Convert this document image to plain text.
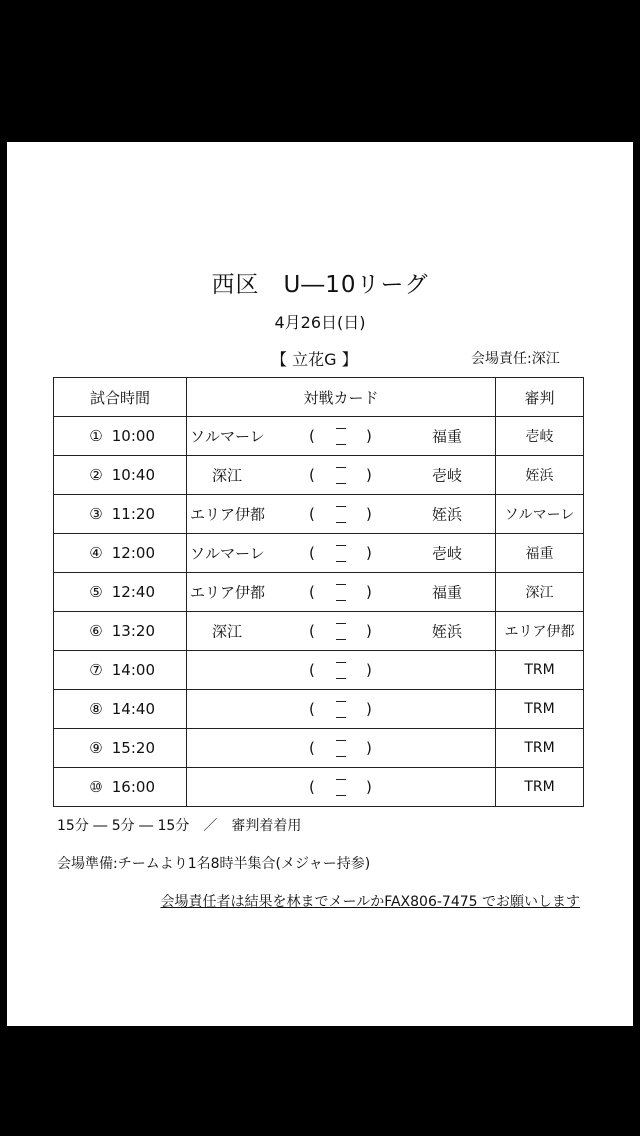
西区　U―10リーグ
4月26日(日)
【 立花G 】	会場責任:深江
試合時間	対戦カード	審判
① 10:00	ソルマーレ ( ) 福重	壱岐
② 10:40	深江 ( ) 壱岐	姪浜
③ 11:20	エリア伊都 ( ) 姪浜	ソルマーレ
④ 12:00	ソルマーレ ( ) 壱岐	福重
⑤ 12:40	エリア伊都 ( ) 福重	深江
⑥ 13:20	深江 ( ) 姪浜	エリア伊都
⑦ 14:00	( )	TRM
⑧ 14:40	( )	TRM
⑨ 15:20	( )	TRM
⑩ 16:00	( )	TRM
15分 ― 5分 ― 15分　／　審判着着用
会場準備:チームより1名8時半集合(メジャー持参)
会場責任者は結果を林までメールかFAX806-7475 でお願いします
